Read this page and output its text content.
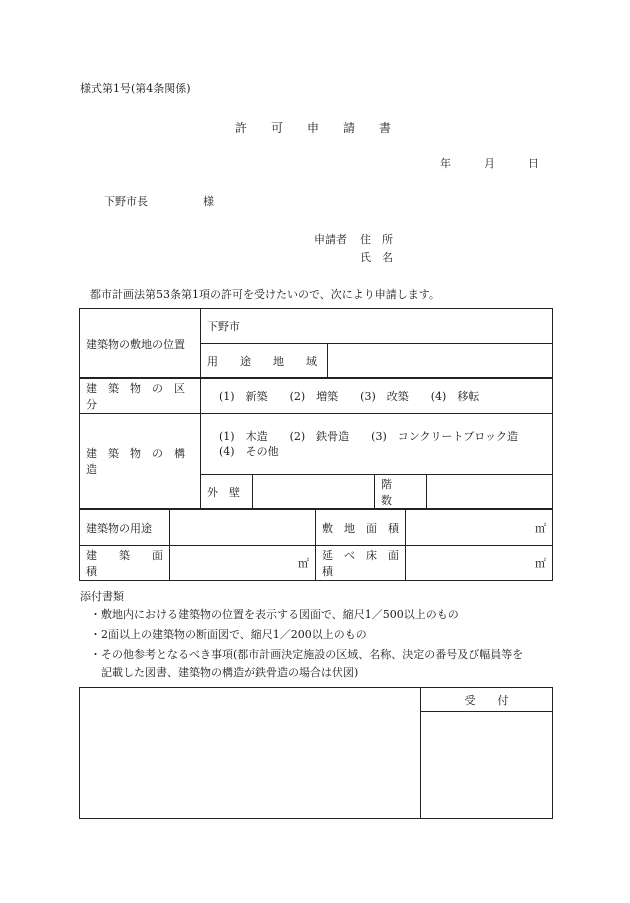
様式第1号(第4条関係)
許　　可　　申　　請　　書
年　　　月　　　日
下野市長　　　　　様
申請者 住　所
氏　名
都市計画法第53条第1項の許可を受けたいので、次により申請します。
建築物の敷地の位置	下野市	
	用　　途　　地　　域	
建　築　物　の　区　分	(1)　新築　　(2)　増築　　(3)　改築　　(4)　移転			
建　築　物　の　構　造	(1)　木造　　(2)　鉄骨造　　(3)　コンクリートブロック造
(4)　その他			

	外　壁		階　　数	
建築物の用途		敷　地　面　積	㎡
建　　築　　面　　積	㎡	延　べ　床　面　積	㎡
添付書類
・敷地内における建築物の位置を表示する図面で、縮尺1／500以上のもの
・2面以上の建築物の断面図で、縮尺1／200以上のもの
・その他参考となるべき事項(都市計画決定施設の区域、名称、決定の番号及び幅員等を
　記載した図書、建築物の構造が鉄骨造の場合は伏図)
	受　　付
